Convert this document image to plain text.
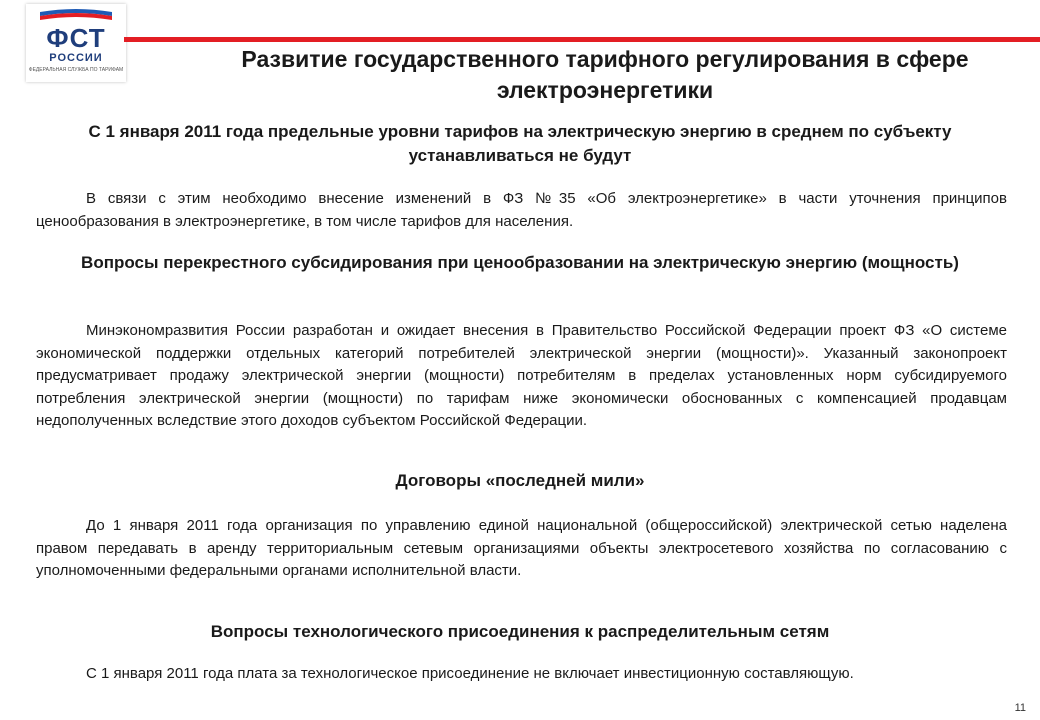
ФСТ
РОССИИ
ФЕДЕРАЛЬНАЯ СЛУЖБА ПО ТАРИФАМ	Развитие государственного тарифного регулирования в сфере электроэнергетики
С 1 января 2011 года предельные уровни тарифов на электрическую энергию в среднем по субъекту устанавливаться не будут
В связи с этим необходимо внесение изменений в ФЗ №35 «Об электроэнергетике» в части уточнения принципов ценообразования в электроэнергетике, в том числе тарифов для населения.
Вопросы перекрестного субсидирования при ценообразовании на электрическую энергию (мощность)
Минэкономразвития России разработан и ожидает внесения в Правительство Российской Федерации проект ФЗ «О системе экономической поддержки отдельных категорий потребителей электрической энергии (мощности)». Указанный законопроект предусматривает продажу электрической энергии (мощности) потребителям в пределах установленных норм субсидируемого потребления электрической энергии (мощности) по тарифам ниже экономически обоснованных с компенсацией продавцам недополученных вследствие этого доходов субъектом Российской Федерации.
Договоры «последней мили»
До 1 января 2011 года организация по управлению единой национальной (общероссийской) электрической сетью наделена правом передавать в аренду территориальным сетевым организациями объекты электросетевого хозяйства по согласованию с уполномоченными федеральными органами исполнительной власти.
Вопросы технологического присоединения к распределительным сетям
С 1 января 2011 года плата за технологическое присоединение не включает инвестиционную составляющую.
11
